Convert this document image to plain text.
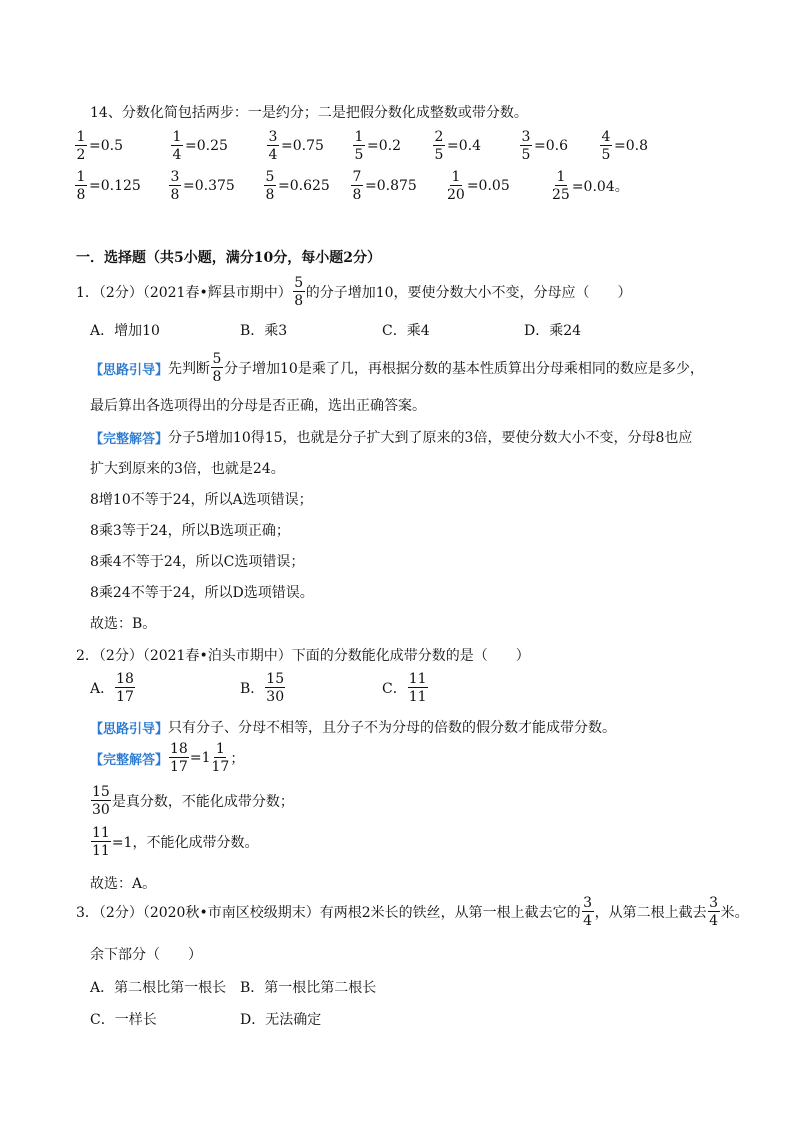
14、分数化简包括两步：一是约分；二是把假分数化成整数或带分数。
$\frac{1}{2} =0.5$	$\frac{1}{4} =0.25$	$\frac{3}{4} =0.75 \frac{1}{5} =0.2 \frac{2}{5} =0.4$	$\frac{3}{5} =0.6 \frac{4}{5} =0.8$
$\frac{1}{8} =0.125 \frac{3}{8} =0.375 \frac{5}{8} =0.625 \frac{7}{8} =0.875 \frac{1}{20} =0.05$	$\frac{1}{25} =0.04$。
一．选择题（共5小题，满分10分，每小题2分）
1．（2分）（2021春•辉县市期中） $\frac{5}{8}$ 的分子增加10，要使分数大小不变，分母应（　　）
A．增加10	B．乘3	C．乘4	D．乘24
【思路引导】 先判断 $\frac{5}{8}$ 分子增加10是乘了几，再根据分数的基本性质算出分母乘相同的数应是多少，
最后算出各选项得出的分母是否正确，选出正确答案。
【完整解答】 分子5增加10得15，也就是分子扩大到了原来的3倍，要使分数大小不变，分母8也应
扩大到原来的3倍，也就是24。
8增10不等于24，所以A选项错误；
8乘3等于24，所以B选项正确；
8乘4不等于24，所以C选项错误；
8乘24不等于24，所以D选项错误。
故选：B。
2．（2分）（2021春•泊头市期中）下面的分数能化成带分数的是（　　）
A． $\frac{18}{17}$	B． $\frac{15}{30}$	C． $\frac{11}{11}$
【思路引导】 只有分子、分母不相等，且分子不为分母的倍数的假分数才能成带分数。
【完整解答】 $\frac{18}{17} =1 \frac{1}{17}$ ；
$\frac{15}{30}$ 是真分数，不能化成带分数；
$\frac{11}{11} =1$，不能化成带分数。
故选：A。
3．（2分）（2020秋•市南区校级期末）有两根2米长的铁丝，从第一根上截去它的 $\frac{3}{4}$ ，从第二根上截去 $\frac{3}{4}$ 米。
余下部分（　　）
A．第二根比第一根长 B．第一根比第二根长
C．一样长	D．无法确定
